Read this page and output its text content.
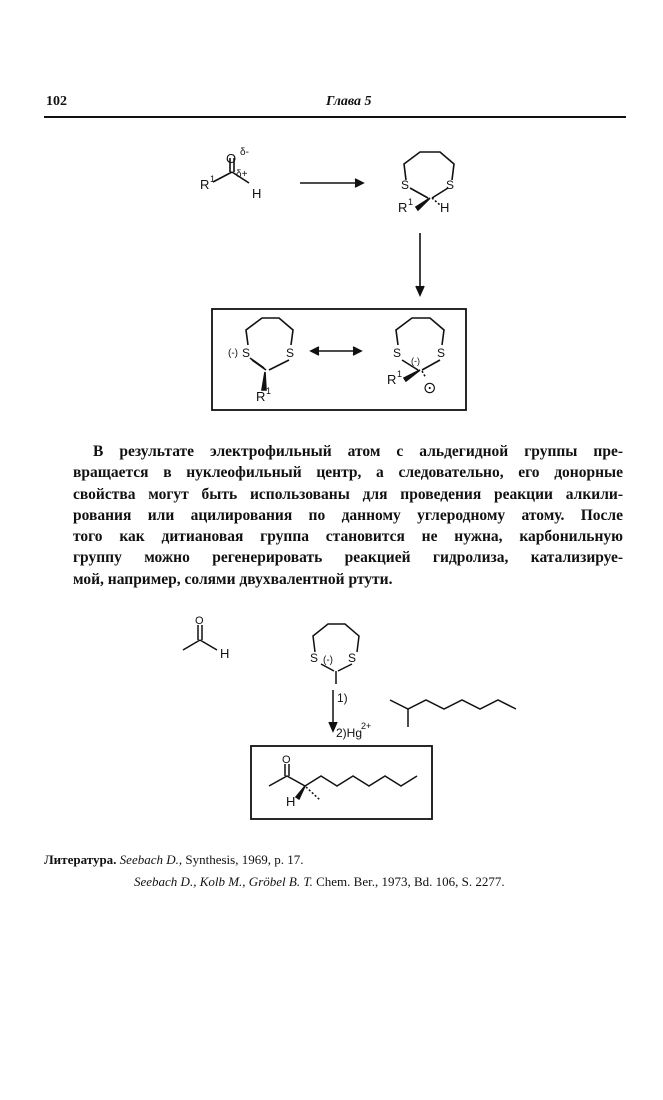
102	Глава 5
O δ-
δ+
R 1
H
S	S
R 1 H
(-) S	S
R 1
S	S
(-)
R 1
⊙
В результате электрофильный атом с альдегидной группы пре-
вращается в нуклеофильный центр, а следовательно, его донорные
свойства могут быть использованы для проведения реакции алкили-
рования или ацилирования по данному углеродному атому. После
того как дитиановая группа становится не нужна, карбонильную
группу можно регенерировать реакцией гидролиза, катализируе-
мой, например, солями двухвалентной ртути.
O
H	S (-) S
1)
2)Hg
2+
O
H
Литература. Seebach D., Synthesis, 1969, p. 17.
Seebach D., Kolb M., Gröbel B. T. Chem. Ber., 1973, Bd. 106, S. 2277.
